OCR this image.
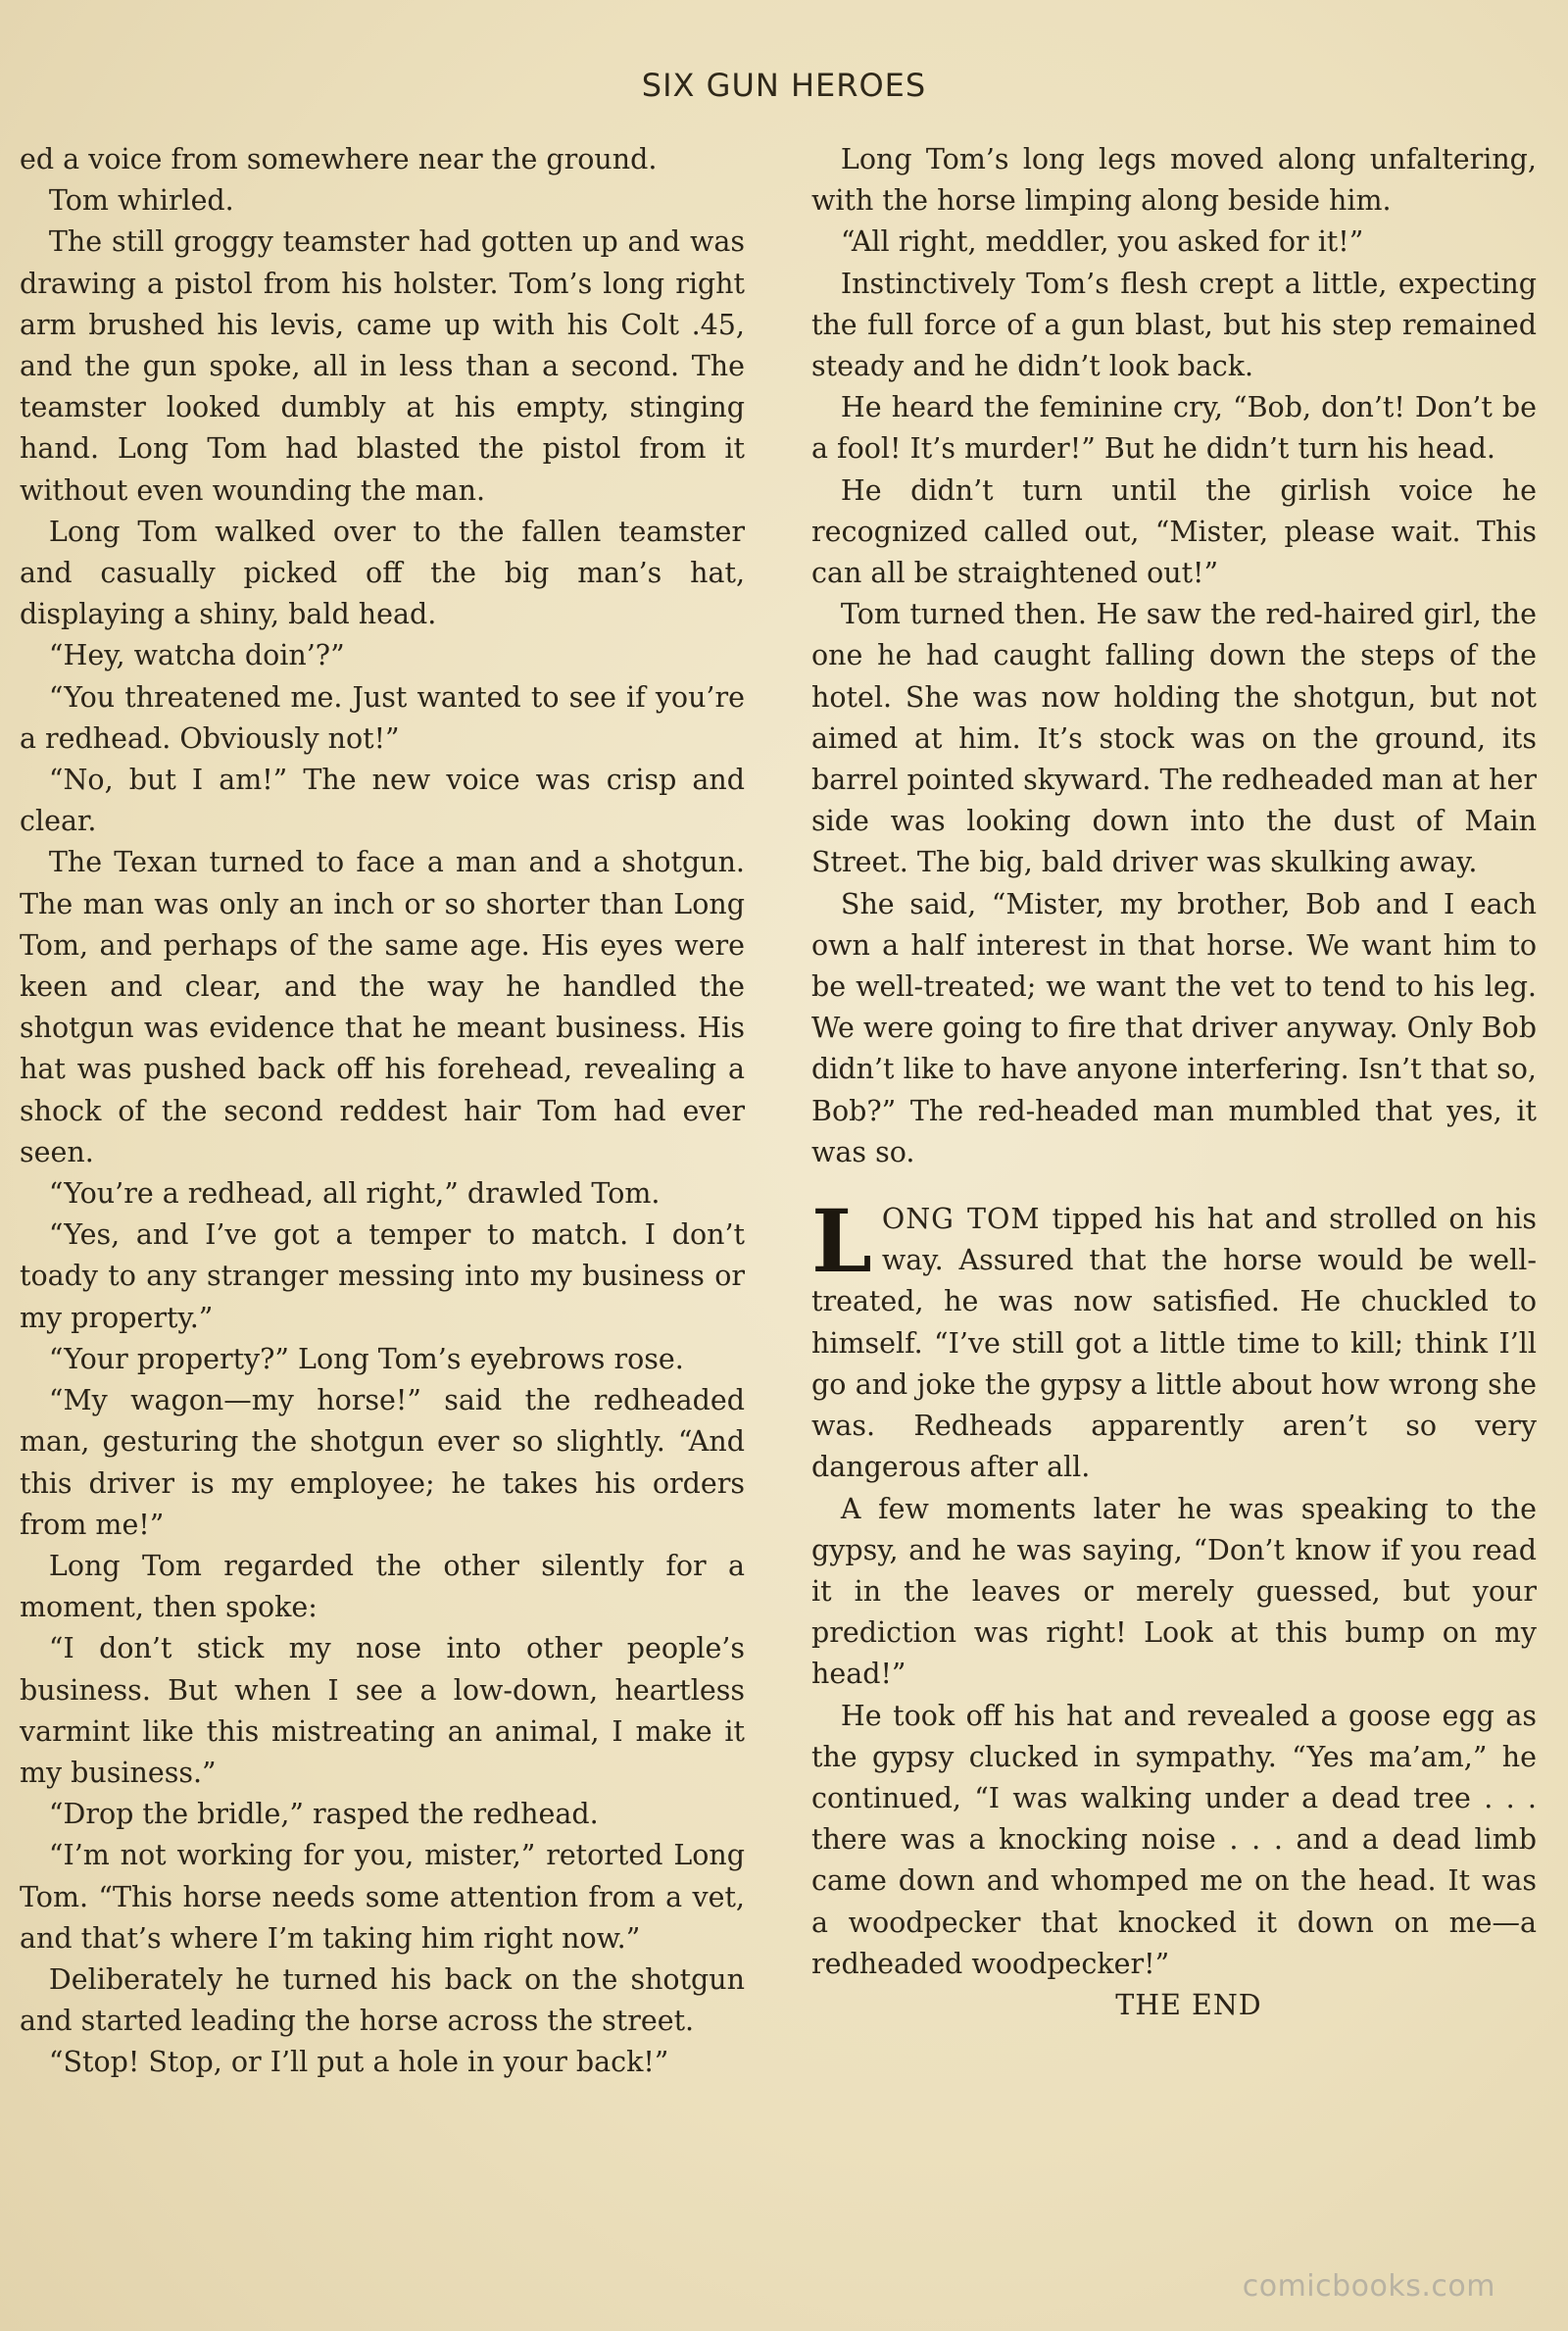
SIX GUN HEROES

ed a voice from somewhere near the ground.

Tom whirled.

The still groggy teamster had gotten up and was drawing a pistol from his holster. Tom’s long right arm brushed his levis, came up with his Colt .45, and the gun spoke, all in less than a second. The teamster looked dumbly at his empty, stinging hand. Long Tom had blasted the pistol from it without even wounding the man.

Long Tom walked over to the fallen teamster and casually picked off the big man’s hat, displaying a shiny, bald head.

“Hey, watcha doin’?”

“You threatened me. Just wanted to see if you’re a redhead. Obviously not!”

“No, but I am!” The new voice was crisp and clear.

The Texan turned to face a man and a shotgun. The man was only an inch or so shorter than Long Tom, and perhaps of the same age. His eyes were keen and clear, and the way he handled the shotgun was evidence that he meant business. His hat was pushed back off his forehead, revealing a shock of the second reddest hair Tom had ever seen.

“You’re a redhead, all right,” drawled Tom.

“Yes, and I’ve got a temper to match. I don’t toady to any stranger messing into my business or my property.”

“Your property?” Long Tom’s eyebrows rose.

“My wagon—my horse!” said the redheaded man, gesturing the shotgun ever so slightly. “And this driver is my employee; he takes his orders from me!”

Long Tom regarded the other silently for a moment, then spoke:

“I don’t stick my nose into other people’s business. But when I see a low-down, heartless varmint like this mistreating an animal, I make it my business.”

“Drop the bridle,” rasped the redhead.

“I’m not working for you, mister,” retorted Long Tom. “This horse needs some attention from a vet, and that’s where I’m taking him right now.”

Deliberately he turned his back on the shotgun and started leading the horse across the street.

“Stop! Stop, or I’ll put a hole in your back!”

Long Tom’s long legs moved along unfaltering, with the horse limping along beside him.

“All right, meddler, you asked for it!”

Instinctively Tom’s flesh crept a little, expecting the full force of a gun blast, but his step remained steady and he didn’t look back.

He heard the feminine cry, “Bob, don’t! Don’t be a fool! It’s murder!” But he didn’t turn his head.

He didn’t turn until the girlish voice he recognized called out, “Mister, please wait. This can all be straightened out!”

Tom turned then. He saw the red-haired girl, the one he had caught falling down the steps of the hotel. She was now holding the shotgun, but not aimed at him. It’s stock was on the ground, its barrel pointed skyward. The redheaded man at her side was looking down into the dust of Main Street. The big, bald driver was skulking away.

She said, “Mister, my brother, Bob and I each own a half interest in that horse. We want him to be well-treated; we want the vet to tend to his leg. We were going to fire that driver anyway. Only Bob didn’t like to have anyone interfering. Isn’t that so, Bob?” The red-headed man mumbled that yes, it was so.

LONG TOM tipped his hat and strolled on his way. Assured that the horse would be well-treated, he was now satisfied. He chuckled to himself. “I’ve still got a little time to kill; think I’ll go and joke the gypsy a little about how wrong she was. Redheads apparently aren’t so very dangerous after all.

A few moments later he was speaking to the gypsy, and he was saying, “Don’t know if you read it in the leaves or merely guessed, but your prediction was right! Look at this bump on my head!”

He took off his hat and revealed a goose egg as the gypsy clucked in sympathy. “Yes ma’am,” he continued, “I was walking under a dead tree . . . there was a knocking noise . . . and a dead limb came down and whomped me on the head. It was a woodpecker that knocked it down on me—a redheaded woodpecker!”

THE END

comicbooks.com
